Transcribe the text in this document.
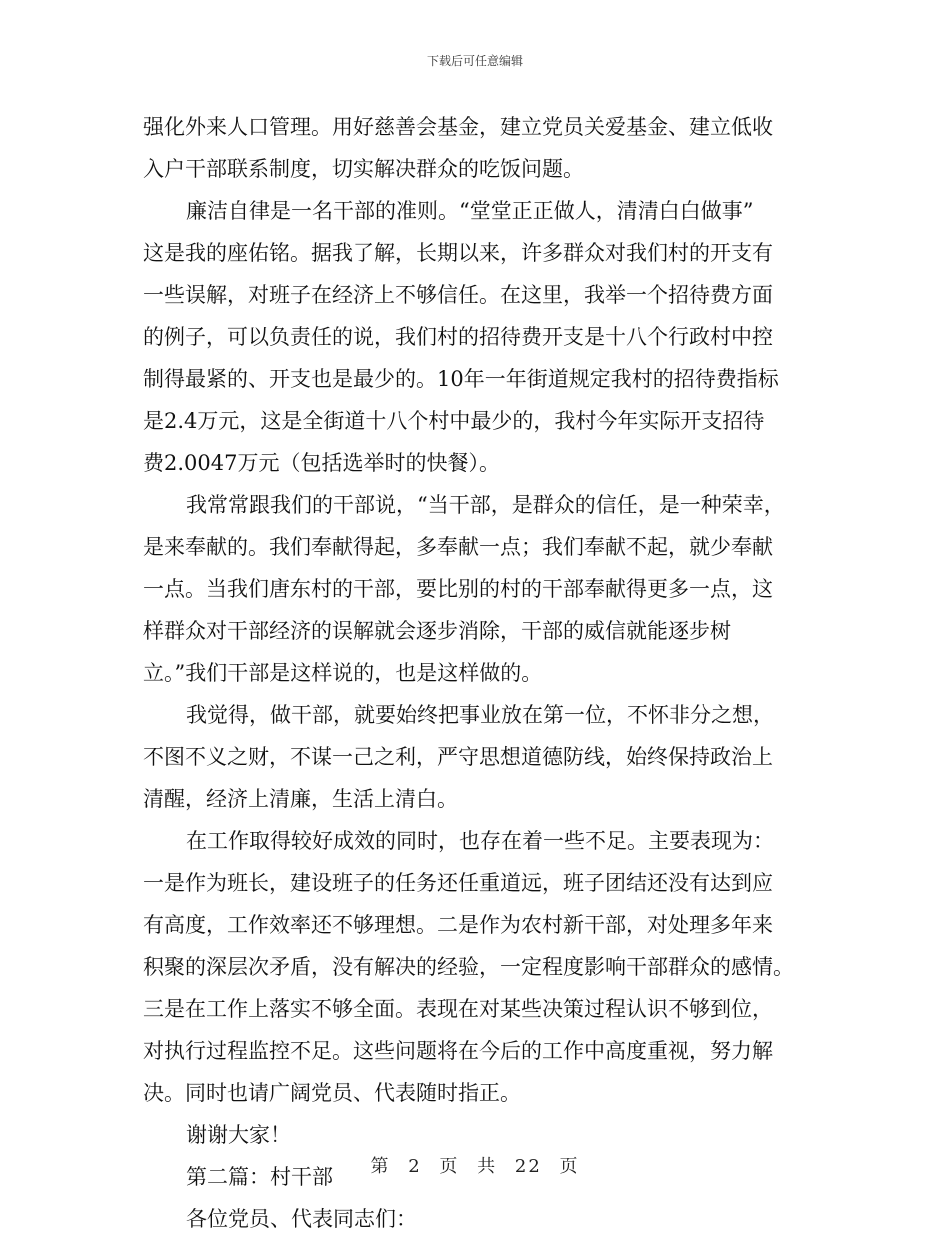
下载后可任意编辑
强化外来人口管理。用好慈善会基金，建立党员关爱基金、建立低收
入户干部联系制度，切实解决群众的吃饭问题。
廉洁自律是一名干部的准则。“堂堂正正做人，清清白白做事”
这是我的座佑铭。据我了解，长期以来，许多群众对我们村的开支有
一些误解，对班子在经济上不够信任。在这里，我举一个招待费方面
的例子，可以负责任的说，我们村的招待费开支是十八个行政村中控
制得最紧的、开支也是最少的。10年一年街道规定我村的招待费指标
是2.4万元，这是全街道十八个村中最少的，我村今年实际开支招待
费2.0047万元（包括选举时的快餐）。
我常常跟我们的干部说，“当干部，是群众的信任，是一种荣幸，
是来奉献的。我们奉献得起，多奉献一点；我们奉献不起，就少奉献
一点。当我们唐东村的干部，要比别的村的干部奉献得更多一点，这
样群众对干部经济的误解就会逐步消除，干部的威信就能逐步树
立。”我们干部是这样说的，也是这样做的。
我觉得，做干部，就要始终把事业放在第一位，不怀非分之想，
不图不义之财，不谋一己之利，严守思想道德防线，始终保持政治上
清醒，经济上清廉，生活上清白。
在工作取得较好成效的同时，也存在着一些不足。主要表现为：
一是作为班长，建设班子的任务还任重道远，班子团结还没有达到应
有高度，工作效率还不够理想。二是作为农村新干部，对处理多年来
积聚的深层次矛盾，没有解决的经验，一定程度影响干部群众的感情。
三是在工作上落实不够全面。表现在对某些决策过程认识不够到位，
对执行过程监控不足。这些问题将在今后的工作中高度重视，努力解
决。同时也请广阔党员、代表随时指正。
谢谢大家！
第二篇：村干部
各位党员、代表同志们：
第 2 页 共 22 页
